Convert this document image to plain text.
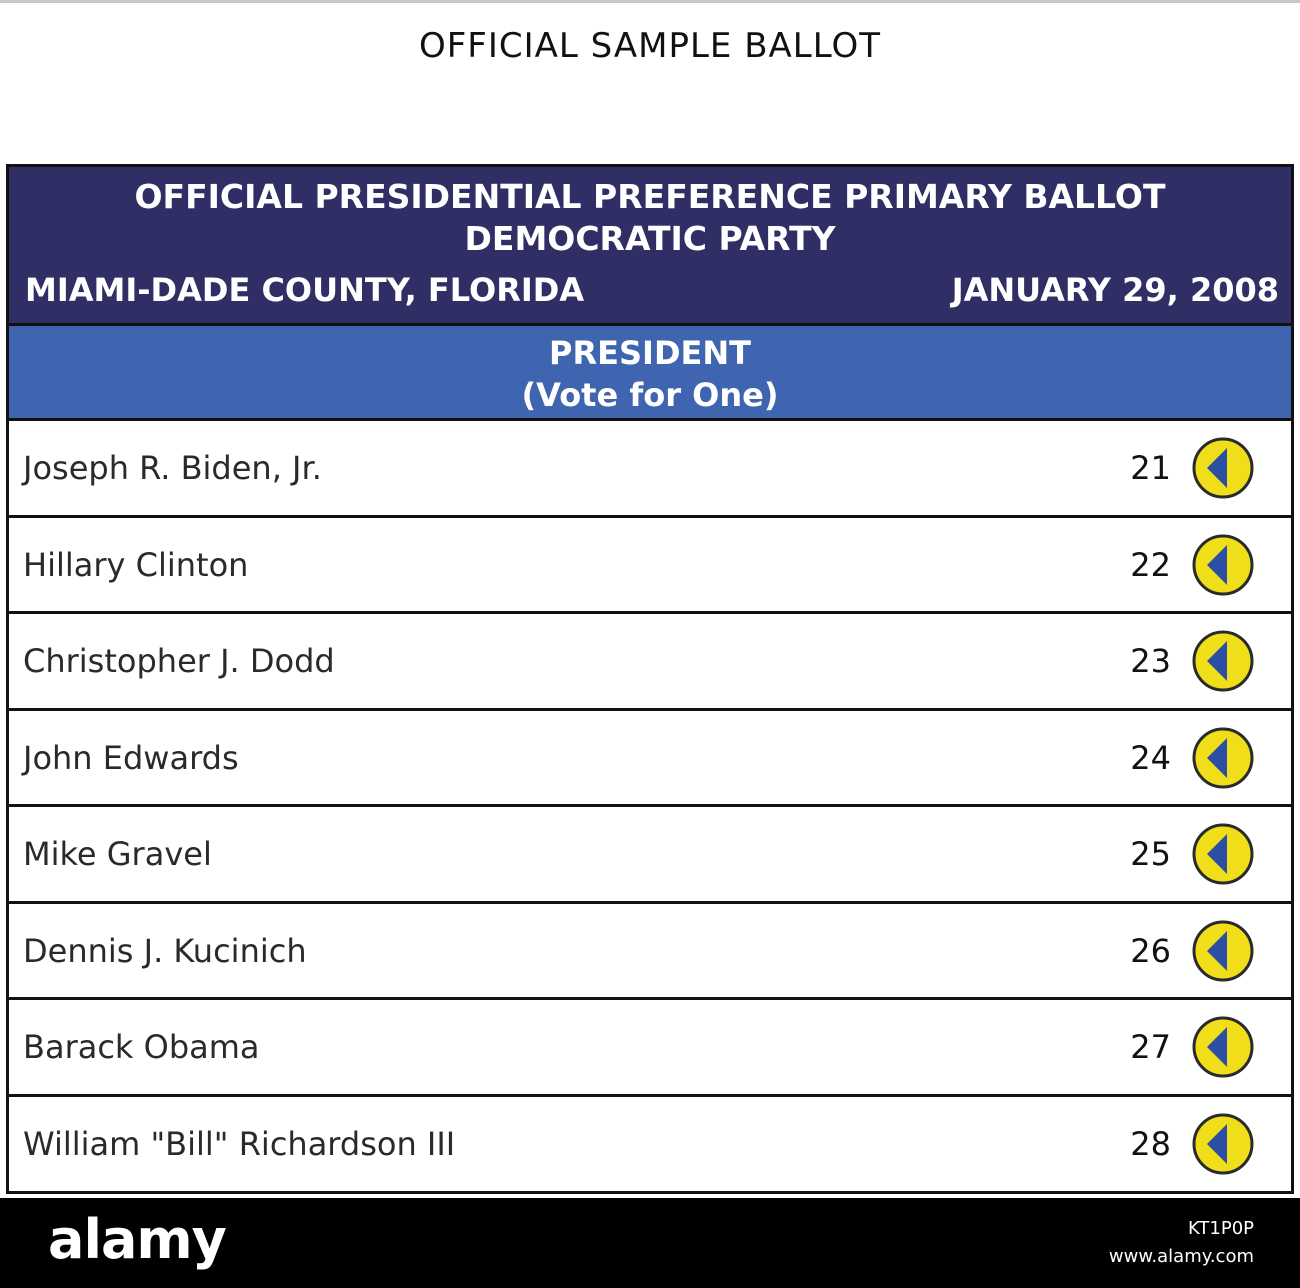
OFFICIAL SAMPLE BALLOT
OFFICIAL PRESIDENTIAL PREFERENCE PRIMARY BALLOT
DEMOCRATIC PARTY
MIAMI-DADE COUNTY, FLORIDA	JANUARY 29, 2008
PRESIDENT
(Vote for One)
Joseph R. Biden, Jr.	21
Hillary Clinton	22
Christopher J. Dodd	23
John Edwards	24
Mike Gravel	25
Dennis J. Kucinich	26
Barack Obama	27
William "Bill" Richardson III	28
alamy	KT1P0P
www.alamy.com
